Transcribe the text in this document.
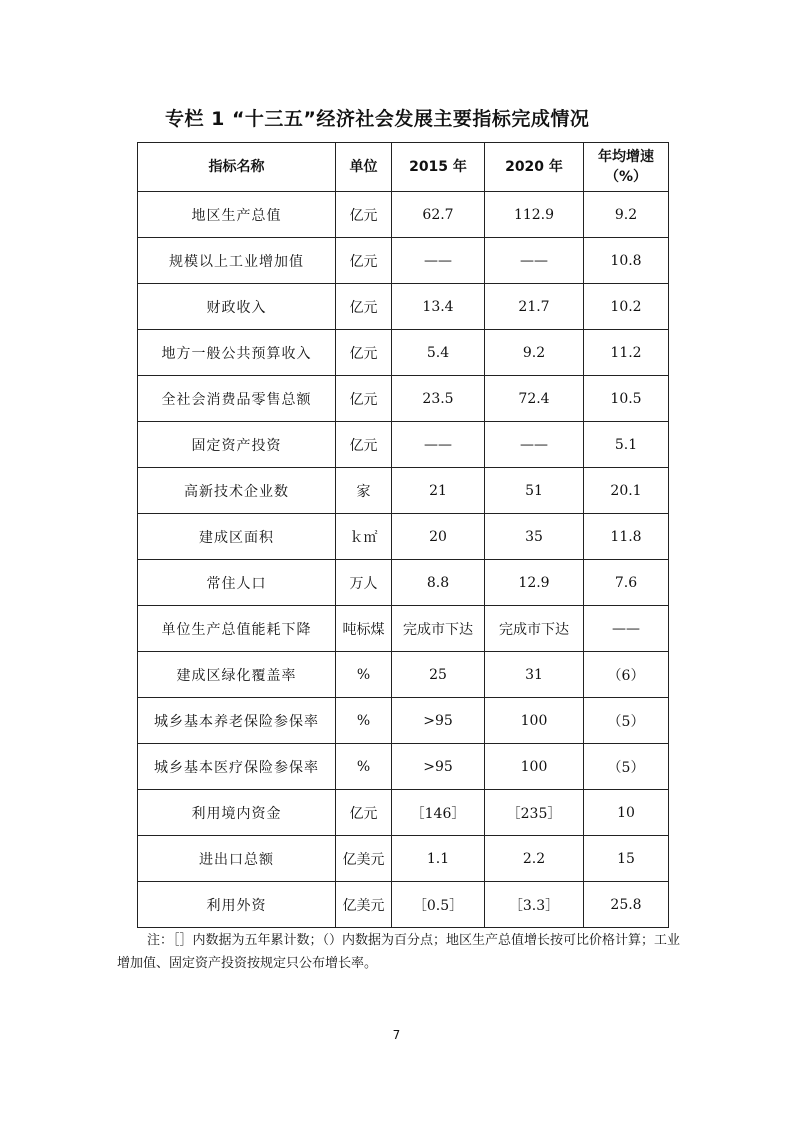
专栏 1 “十三五”经济社会发展主要指标完成情况
指标名称	单位	2015 年	2020 年	年均增速
（%）
地区生产总值	亿元	62.7	112.9	9.2
规模以上工业增加值	亿元	——	——	10.8
财政收入	亿元	13.4	21.7	10.2
地方一般公共预算收入	亿元	5.4	9.2	11.2
全社会消费品零售总额	亿元	23.5	72.4	10.5
固定资产投资	亿元	——	——	5.1
高新技术企业数	家	21	51	20.1
建成区面积	ｋ㎡	20	35	11.8
常住人口	万人	8.8	12.9	7.6
单位生产总值能耗下降	吨标煤	完成市下达	完成市下达	——
建成区绿化覆盖率	%	25	31	（6）
城乡基本养老保险参保率	%	>95	100	（5）
城乡基本医疗保险参保率	%	>95	100	（5）
利用境内资金	亿元	［146］	［235］	10
进出口总额	亿美元	1.1	2.2	15
利用外资	亿美元	［0.5］	［3.3］	25.8
注：［］内数据为五年累计数；（）内数据为百分点；地区生产总值增长按可比价格计算；工业增加值、固定资产投资按规定只公布增长率。
7
